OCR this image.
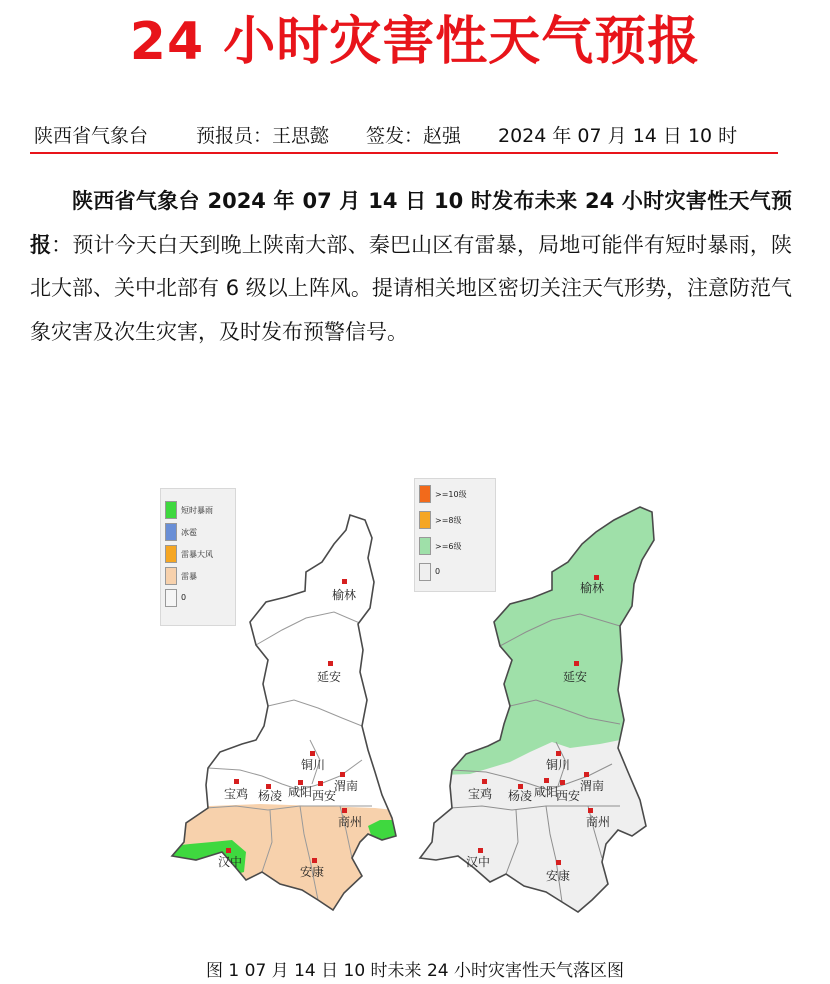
24 小时灾害性天气预报
陕西省气象台	预报员：王思懿 签发：赵强 2024 年 07 月 14 日 10 时
陕西省气象台 2024 年 07 月 14 日 10 时发布未来 24 小时灾害性天气预报：预计今天白天到晚上陕南大部、秦巴山区有雷暴，局地可能伴有短时暴雨，陕北大部、关中北部有 6 级以上阵风。提请相关地区密切关注天气形势，注意防范气象灾害及次生灾害，及时发布预警信号。
榆林
延安
铜川
渭南
宝鸡 杨凌 咸阳 西安
商州
汉中
安康
短时暴雨
冰雹
雷暴大风
雷暴
0
榆林
延安
铜川
渭南
宝鸡 杨凌 咸阳
西安
商州
汉中
安康
>=10级
>=8级
>=6级
0
图 1 07 月 14 日 10 时未来 24 小时灾害性天气落区图
